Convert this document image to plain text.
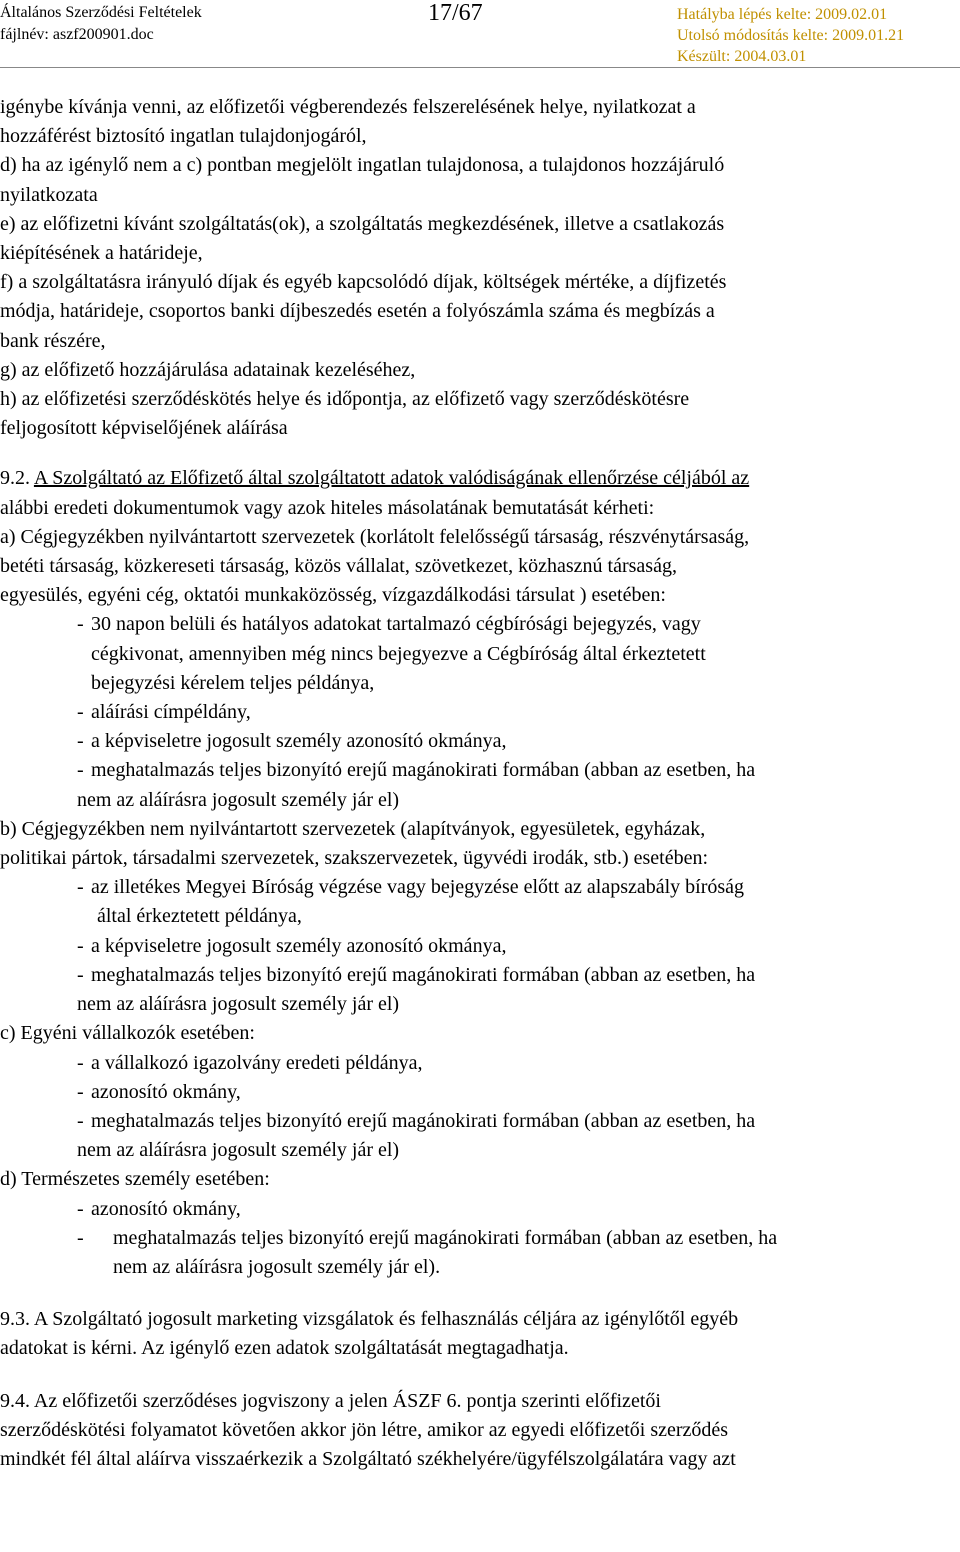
Általános Szerződési Feltételek
fájlnév: aszf200901.doc
17/67	Hatályba lépés kelte: 2009.02.01
Utolsó módosítás kelte: 2009.01.21
Készült: 2004.03.01

igénybe kívánja venni, az előfizetői végberendezés felszerelésének helye, nyilatkozat a

hozzáférést biztosító ingatlan tulajdonjogáról,

d) ha az igénylő nem a c) pontban megjelölt ingatlan tulajdonosa, a tulajdonos hozzájáruló

nyilatkozata

e) az előfizetni kívánt szolgáltatás(ok), a szolgáltatás megkezdésének, illetve a csatlakozás

kiépítésének a határideje,

f) a szolgáltatásra irányuló díjak és egyéb kapcsolódó díjak, költségek mértéke, a díjfizetés

módja, határideje, csoportos banki díjbeszedés esetén a folyószámla száma és megbízás a

bank részére,

g) az előfizető hozzájárulása adatainak kezeléséhez,

h) az előfizetési szerződéskötés helye és időpontja, az előfizető vagy szerződéskötésre

feljogosított képviselőjének aláírása

9.2. A Szolgáltató az Előfizető által szolgáltatott adatok valódiságának ellenőrzése céljából az

alábbi eredeti dokumentumok vagy azok hiteles másolatának bemutatását kérheti:

a) Cégjegyzékben nyilvántartott szervezetek (korlátolt felelősségű társaság, részvénytársaság,

betéti társaság, közkereseti társaság, közös vállalat, szövetkezet, közhasznú társaság,

egyesülés, egyéni cég, oktatói munkaközösség, vízgazdálkodási társulat ) esetében:

- 30 napon belüli és hatályos adatokat tartalmazó cégbírósági bejegyzés, vagy

cégkivonat, amennyiben még nincs bejegyezve a Cégbíróság által érkeztetett

bejegyzési kérelem teljes példánya,

- aláírási címpéldány,

- a képviseletre jogosult személy azonosító okmánya,

- meghatalmazás teljes bizonyító erejű magánokirati formában (abban az esetben, ha

nem az aláírásra jogosult személy jár el)

b) Cégjegyzékben nem nyilvántartott szervezetek (alapítványok, egyesületek, egyházak,

politikai pártok, társadalmi szervezetek, szakszervezetek, ügyvédi irodák, stb.) esetében:

- az illetékes Megyei Bíróság végzése vagy bejegyzése előtt az alapszabály bíróság

által érkeztetett példánya,

- a képviseletre jogosult személy azonosító okmánya,

- meghatalmazás teljes bizonyító erejű magánokirati formában (abban az esetben, ha

nem az aláírásra jogosult személy jár el)

c) Egyéni vállalkozók esetében:

- a vállalkozó igazolvány eredeti példánya,

- azonosító okmány,

- meghatalmazás teljes bizonyító erejű magánokirati formában (abban az esetben, ha

nem az aláírásra jogosult személy jár el)

d) Természetes személy esetében:

- azonosító okmány,

- meghatalmazás teljes bizonyító erejű magánokirati formában (abban az esetben, ha

nem az aláírásra jogosult személy jár el).

9.3. A Szolgáltató jogosult marketing vizsgálatok és felhasználás céljára az igénylőtől egyéb

adatokat is kérni. Az igénylő ezen adatok szolgáltatását megtagadhatja.

9.4. Az előfizetői szerződéses jogviszony a jelen ÁSZF 6. pontja szerinti előfizetői

szerződéskötési folyamatot követően akkor jön létre, amikor az egyedi előfizetői szerződés

mindkét fél által aláírva visszaérkezik a Szolgáltató székhelyére/ügyfélszolgálatára vagy azt
